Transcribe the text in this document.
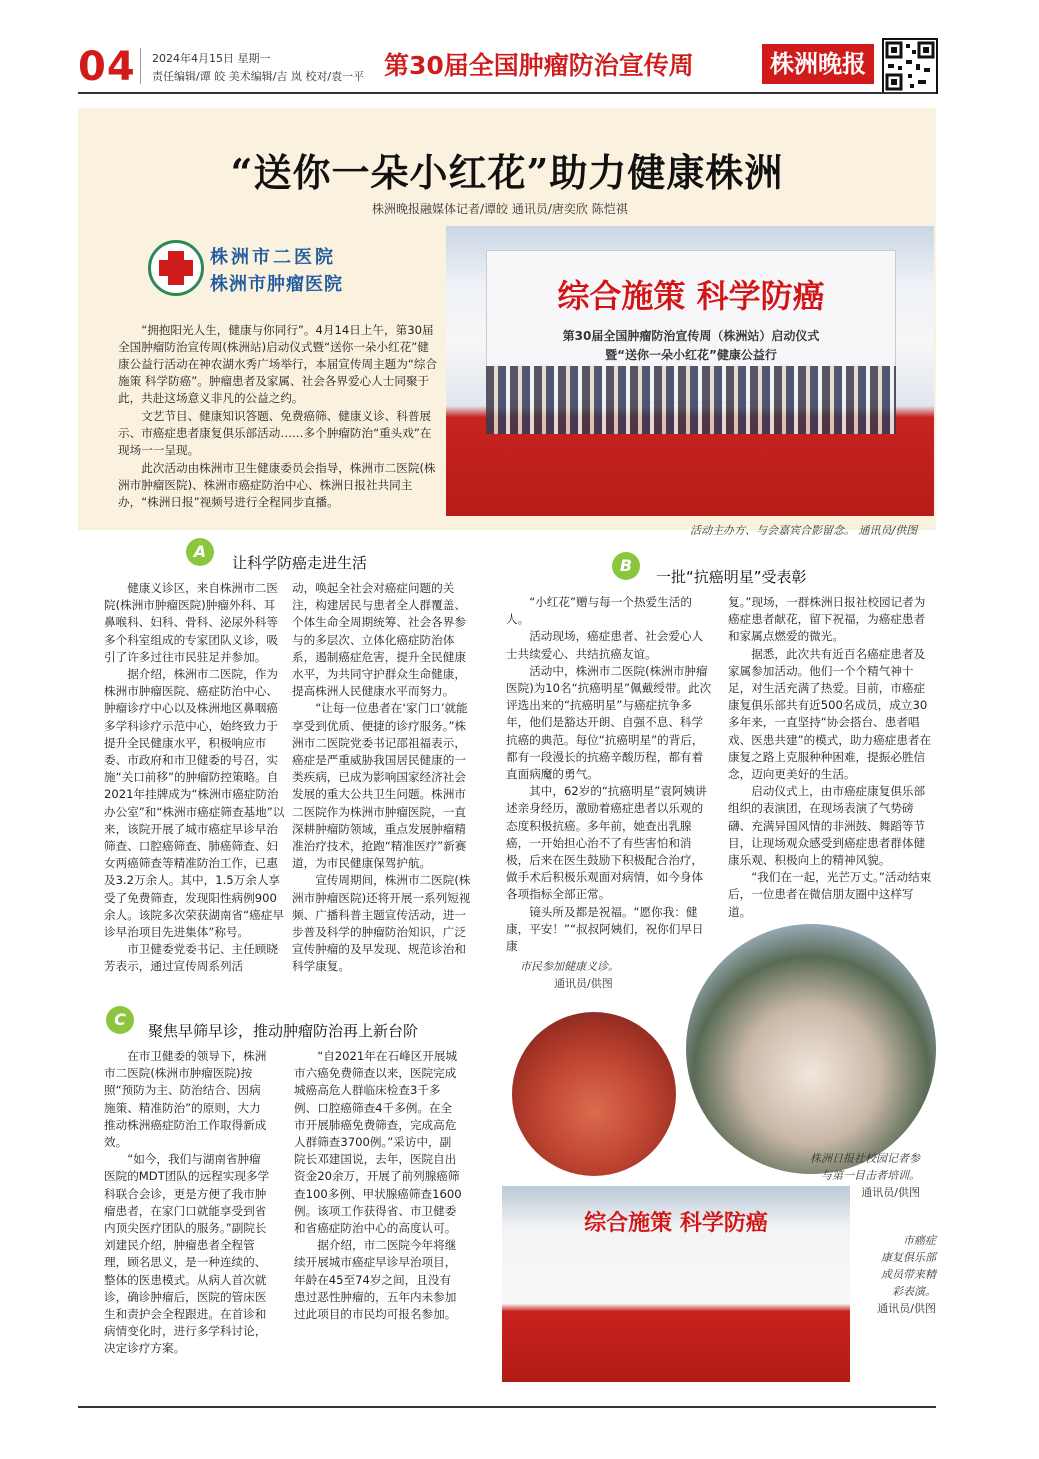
04 2024年4月15日 星期一
责任编辑/谭 皎 美术编辑/吉 岚 校对/袁一平 第30届全国肿瘤防治宣传周	株洲晚报
“送你一朵小红花”助力健康株洲
株洲晚报融媒体记者/谭皎 通讯员/唐奕欣 陈恺祺
株洲市二医院
株洲市肿瘤医院

“拥抱阳光人生，健康与你同行”。4月14日上午，第30届全国肿瘤防治宣传周(株洲站)启动仪式暨“送你一朵小红花”健康公益行活动在神农湖水秀广场举行，本届宣传周主题为“综合施策 科学防癌”。肿瘤患者及家属、社会各界爱心人士同聚于此，共赴这场意义非凡的公益之约。

文艺节目、健康知识答题、免费癌筛、健康义诊、科普展示、市癌症患者康复俱乐部活动……多个肿瘤防治“重头戏”在现场一一呈现。

此次活动由株洲市卫生健康委员会指导，株洲市二医院(株洲市肿瘤医院)、株洲市癌症防治中心、株洲日报社共同主办，“株洲日报”视频号进行全程同步直播。

综合施策 科学防癌
第30届全国肿瘤防治宣传周（株洲站）启动仪式
暨“送你一朵小红花”健康公益行
活动主办方、与会嘉宾合影留念。 通讯员/供图
A
让科学防癌走进生活

健康义诊区，来自株洲市二医院(株洲市肿瘤医院)肿瘤外科、耳鼻喉科、妇科、骨科、泌尿外科等多个科室组成的专家团队义诊，吸引了许多过往市民驻足并参加。

据介绍，株洲市二医院，作为株洲市肿瘤医院、癌症防治中心、肿瘤诊疗中心以及株洲地区鼻咽癌多学科诊疗示范中心，始终致力于提升全民健康水平，积极响应市委、市政府和市卫健委的号召，实施“关口前移”的肿瘤防控策略。自2021年挂牌成为“株洲市癌症防治办公室”和“株洲市癌症筛查基地”以来，该院开展了城市癌症早诊早治筛查、口腔癌筛查、肺癌筛查、妇女两癌筛查等精准防治工作，已惠及3.2万余人。其中，1.5万余人享受了免费筛查，发现阳性病例900余人。该院多次荣获湖南省“癌症早诊早治项目先进集体”称号。

市卫健委党委书记、主任顾晓芳表示，通过宣传周系列活

动，唤起全社会对癌症问题的关注，构建居民与患者全人群覆盖、个体生命全周期统筹、社会各界参与的多层次、立体化癌症防治体系，遏制癌症危害，提升全民健康水平，为共同守护群众生命健康，提高株洲人民健康水平而努力。

“让每一位患者在‘家门口’就能享受到优质、便捷的诊疗服务。”株洲市二医院党委书记邵祖福表示，癌症是严重威胁我国居民健康的一类疾病，已成为影响国家经济社会发展的重大公共卫生问题。株洲市二医院作为株洲市肿瘤医院，一直深耕肿瘤防领域，重点发展肿瘤精准治疗技术，抢跑“精准医疗”新赛道，为市民健康保驾护航。

宣传周期间，株洲市二医院(株洲市肿瘤医院)还将开展一系列短视频、广播科普主题宣传活动，进一步普及科学的肿瘤防治知识，广泛宣传肿瘤的及早发现、规范诊治和科学康复。

B
一批“抗癌明星”受表彰

“小红花”赠与每一个热爱生活的人。

活动现场，癌症患者、社会爱心人士共续爱心、共结抗癌友谊。

活动中，株洲市二医院(株洲市肿瘤医院)为10名“抗癌明星”佩戴绶带。此次评选出来的“抗癌明星”与癌症抗争多年，他们是豁达开朗、自强不息、科学抗癌的典范。每位“抗癌明星”的背后，都有一段漫长的抗癌辛酸历程，都有着直面病魔的勇气。

其中，62岁的“抗癌明星”袁阿姨讲述亲身经历，激励着癌症患者以乐观的态度积极抗癌。多年前，她查出乳腺癌，一开始担心治不了有些害怕和消极，后来在医生鼓励下积极配合治疗，做手术后积极乐观面对病情，如今身体各项指标全部正常。

镜头所及都是祝福。“愿你我：健康，平安！”“叔叔阿姨们，祝你们早日康

复。”现场，一群株洲日报社校园记者为癌症患者献花，留下祝福，为癌症患者和家属点燃爱的微光。

据悉，此次共有近百名癌症患者及家属参加活动。他们一个个精气神十足，对生活充满了热爱。目前，市癌症康复俱乐部共有近500名成员，成立30多年来，一直坚持“协会搭台、患者唱戏、医患共建”的模式，助力癌症患者在康复之路上克服种种困难，提振必胜信念，迈向更美好的生活。

启动仪式上，由市癌症康复俱乐部组织的表演团，在现场表演了气势磅礴、充满异国风情的非洲鼓、舞蹈等节目，让现场观众感受到癌症患者群体健康乐观、积极向上的精神风貌。

“我们在一起，光芒万丈。”活动结束后，一位患者在微信朋友圈中这样写道。

市民参加健康义诊。
通讯员/供图
株洲日报社校园记者参
与第一目击者培训。
通讯员/供图
C
聚焦早筛早诊，推动肿瘤防治再上新台阶

在市卫健委的领导下，株洲市二医院(株洲市肿瘤医院)按照“预防为主、防治结合、因病施策、精准防治”的原则，大力推动株洲癌症防治工作取得新成效。

“如今，我们与湖南省肿瘤医院的MDT团队的远程实现多学科联合会诊，更是方便了我市肿瘤患者，在家门口就能享受到省内顶尖医疗团队的服务。”副院长刘建民介绍，肿瘤患者全程管理，顾名思义，是一种连续的、整体的医患模式。从病人首次就诊，确诊肿瘤后，医院的管床医生和责护会全程跟进。在首诊和病情变化时，进行多学科讨论，决定诊疗方案。

“自2021年在石峰区开展城市六癌免费筛查以来，医院完成城癌高危人群临床检查3千多例、口腔癌筛查4千多例。在全市开展肺癌免费筛查，完成高危人群筛查3700例。”采访中，副院长邓建国说，去年，医院自出资金20余万，开展了前列腺癌筛查100多例、甲状腺癌筛查1600例。该项工作获得省、市卫健委和省癌症防治中心的高度认可。

据介绍，市二医院今年将继续开展城市癌症早诊早治项目，年龄在45至74岁之间，且没有患过恶性肿瘤的，五年内未参加过此项目的市民均可报名参加。

综合施策 科学防癌
市癌症
康复俱乐部
成员带来精
彩表演。
通讯员/供图
